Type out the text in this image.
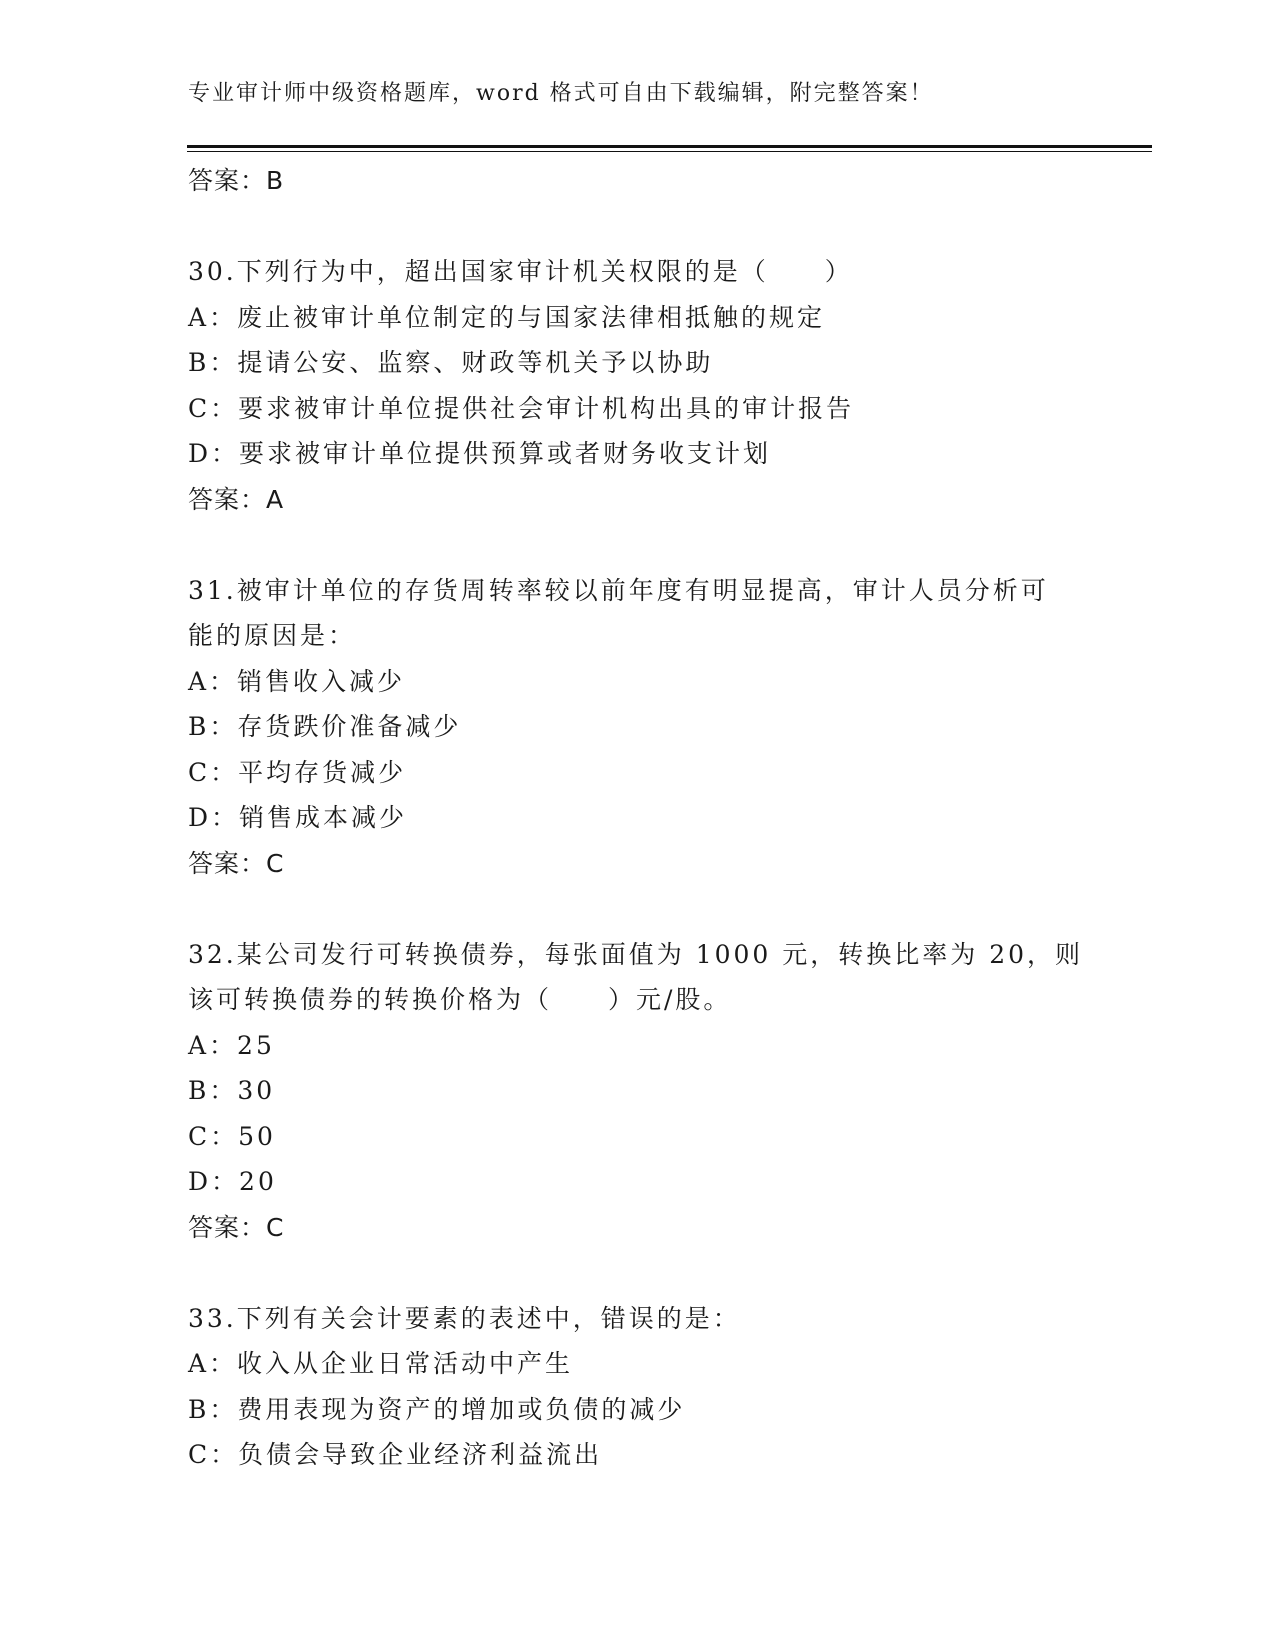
专业审计师中级资格题库，word 格式可自由下载编辑，附完整答案！
答案：B
30.下列行为中，超出国家审计机关权限的是（　　）
A：废止被审计单位制定的与国家法律相抵触的规定
B：提请公安、监察、财政等机关予以协助
C：要求被审计单位提供社会审计机构出具的审计报告
D：要求被审计单位提供预算或者财务收支计划
答案：A
31.被审计单位的存货周转率较以前年度有明显提高，审计人员分析可
能的原因是：
A：销售收入减少
B：存货跌价准备减少
C：平均存货减少
D：销售成本减少
答案：C
32.某公司发行可转换债券，每张面值为 1000 元，转换比率为 20，则
该可转换债券的转换价格为（　　）元/股。
A：25
B：30
C：50
D：20
答案：C
33.下列有关会计要素的表述中，错误的是：
A：收入从企业日常活动中产生
B：费用表现为资产的增加或负债的减少
C：负债会导致企业经济利益流出
